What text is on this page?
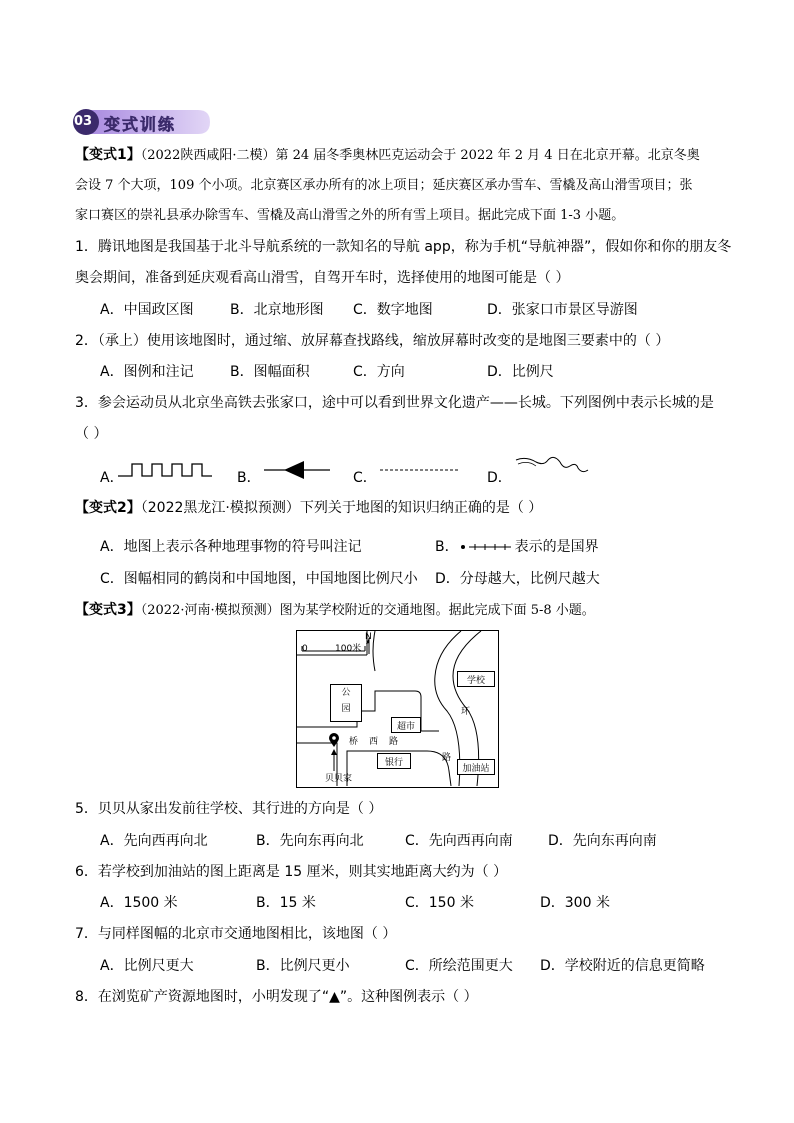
03 变式训练
【变式1】（2022陕西咸阳·二模）第 24 届冬季奥林匹克运动会于 2022 年 2 月 4 日在北京开幕。北京冬奥
会设 7 个大项，109 个小项。北京赛区承办所有的冰上项目；延庆赛区承办雪车、雪橇及高山滑雪项目；张
家口赛区的崇礼县承办除雪车、雪橇及高山滑雪之外的所有雪上项目。据此完成下面 1-3 小题。
1．腾讯地图是我国基于北斗导航系统的一款知名的导航 app，称为手机“导航神器”，假如你和你的朋友冬
奥会期间，准备到延庆观看高山滑雪，自驾开车时，选择使用的地图可能是（ ）
A．中国政区图	B．北京地形图 C．数字地图	D．张家口市景区导游图
2．（承上）使用该地图时，通过缩、放屏幕查找路线，缩放屏幕时改变的是地图三要素中的（ ）
A．图例和注记	B．图幅面积	C．方向	D．比例尺
3．参会运动员从北京坐高铁去张家口，途中可以看到世界文化遗产——长城。下列图例中表示长城的是
（ ）
A．	B．	C．	D．
【变式2】（2022黑龙江·模拟预测）下列关于地图的知识归纳正确的是（ ）
A．地图上表示各种地理事物的符号叫注记	B．	表示的是国界
C．图幅相同的鹤岗和中国地图，中国地图比例尺小 D．分母越大，比例尺越大
【变式3】（2022·河南·模拟预测）图为某学校附近的交通地图。据此完成下面 5-8 小题。
0	100米
N
公
园
超市
学校
银行
加油站
环
路
桥 西 路
贝贝家
5．贝贝从家出发前往学校、其行进的方向是（ ）
A．先向西再向北	B．先向东再向北	C．先向西再向南	D．先向东再向南
6．若学校到加油站的图上距离是 15 厘米，则其实地距离大约为（ ）
A．1500 米	B．15 米	C．150 米	D．300 米
7．与同样图幅的北京市交通地图相比，该地图（ ）
A．比例尺更大	B．比例尺更小	C．所绘范围更大 D．学校附近的信息更简略
8．在浏览矿产资源地图时，小明发现了“▲”。这种图例表示（ ）
